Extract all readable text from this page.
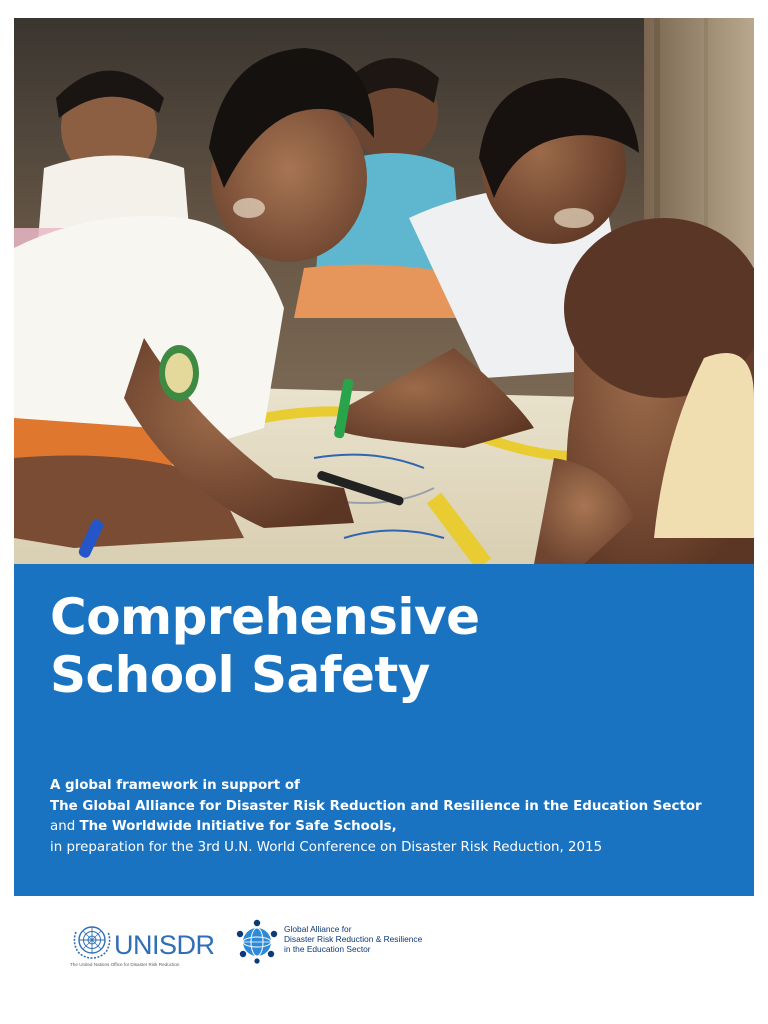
Comprehensive
School Safety
A global framework in support of
The Global Alliance for Disaster Risk Reduction and Resilience in the Education Sector
and The Worldwide Initiative for Safe Schools,
in preparation for the 3rd U.N. World Conference on Disaster Risk Reduction, 2015
UNISDR
The United Nations Office for Disaster Risk Reduction
Global Alliance for
Disaster Risk Reduction & Resilience
in the Education Sector
